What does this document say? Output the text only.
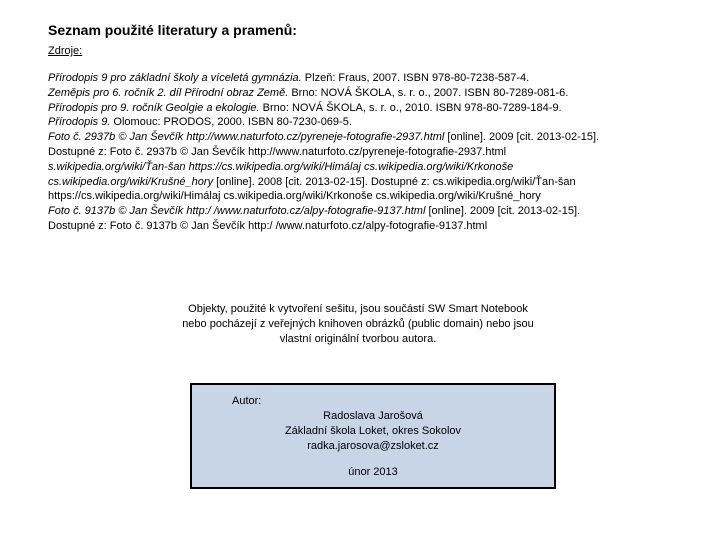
Seznam použité literatury a pramenů:
Zdroje:

Přírodopis 9 pro základní školy a víceletá gymnázia. Plzeň: Fraus, 2007. ISBN 978-80-7238-587-4.

Zeměpis pro 6. ročník 2. díl Přírodní obraz Země. Brno: NOVÁ ŠKOLA, s. r. o., 2007. ISBN 80-7289-081-6.

Přírodopis pro 9. ročník Geolgie a ekologie. Brno: NOVÁ ŠKOLA, s. r. o., 2010. ISBN 978-80-7289-184-9.

Přírodopis 9. Olomouc: PRODOS, 2000. ISBN 80-7230-069-5.

Foto č. 2937b © Jan Ševčík http://www.naturfoto.cz/pyreneje-fotografie-2937.html [online]. 2009 [cit. 2013-02-15]. Dostupné z: Foto č. 2937b © Jan Ševčík http://www.naturfoto.cz/pyreneje-fotografie-2937.html

s.wikipedia.org/wiki/Ťan-šan https://cs.wikipedia.org/wiki/Himálaj cs.wikipedia.org/wiki/Krkonoše cs.wikipedia.org/wiki/Krušné_hory [online]. 2008 [cit. 2013-02-15]. Dostupné z: cs.wikipedia.org/wiki/Ťan-šan https://cs.wikipedia.org/wiki/Himálaj cs.wikipedia.org/wiki/Krkonoše cs.wikipedia.org/wiki/Krušné_hory

Foto č. 9137b © Jan Ševčík http:/ /www.naturfoto.cz/alpy-fotografie-9137.html [online]. 2009 [cit. 2013-02-15]. Dostupné z: Foto č. 9137b © Jan Ševčík http:/ /www.naturfoto.cz/alpy-fotografie-9137.html

Objekty, použité k vytvoření sešitu, jsou součástí SW Smart Notebook

nebo pocházejí z veřejných knihoven obrázků (public domain) nebo jsou

vlastní originální tvorbou autora.

Autor:
Radoslava Jarošová
Základní škola Loket, okres Sokolov
radka.jarosova@zsloket.cz
únor 2013
